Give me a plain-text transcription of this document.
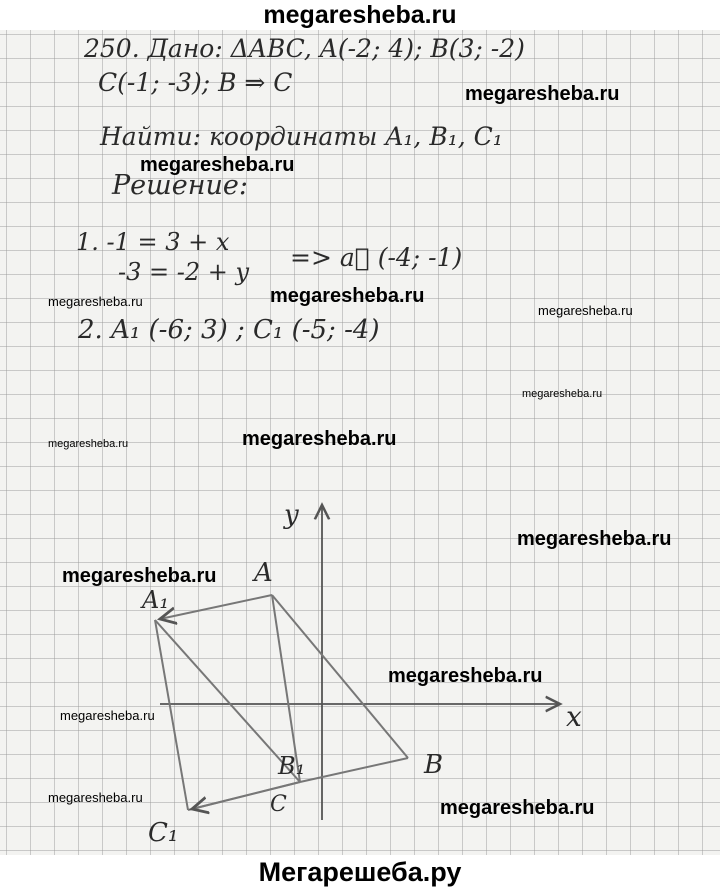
megaresheba.ru
250. Дано: ΔABC, A(-2; 4); B(3; -2)
C(-1; -3); B ⇒ C
Найти: координаты A₁, B₁, C₁
Решение:
1. -1 = 3 + x
-3 = -2 + y => a⃗ (-4; -1)
2. A₁ (-6; 3) ; C₁ (-5; -4)
y
x
A
A₁
B
B₁
C
C₁
megaresheba.ru
megaresheba.ru
megaresheba.ru
megaresheba.ru
megaresheba.ru
megaresheba.ru
megaresheba.ru
megaresheba.ru
megaresheba.ru
megaresheba.ru
megaresheba.ru
megaresheba.ru
megaresheba.ru	megaresheba.ru
Мегарешеба.ру
